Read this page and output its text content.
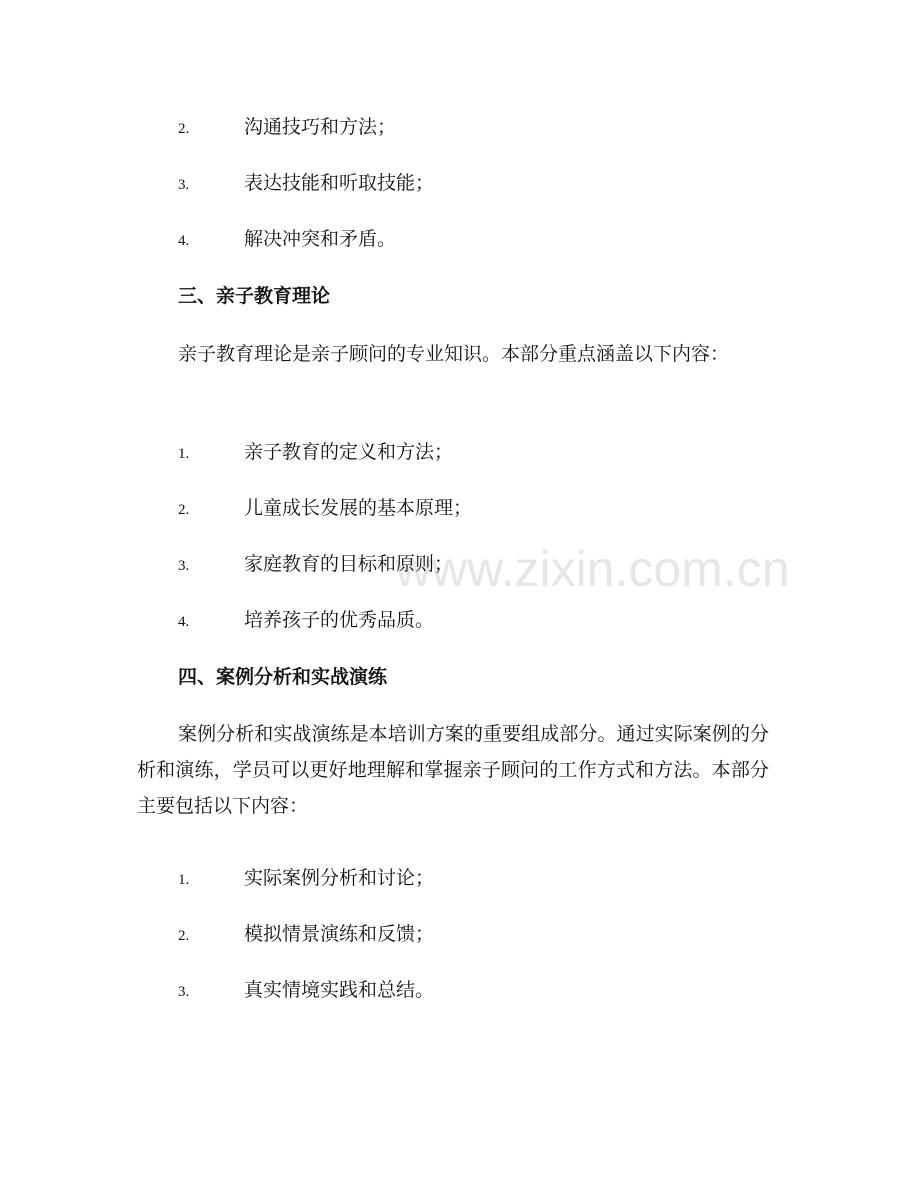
www.zixin.com.cn
2.	沟通技巧和方法；
3.	表达技能和听取技能；
4.	解决冲突和矛盾。
三、亲子教育理论
亲子教育理论是亲子顾问的专业知识。本部分重点涵盖以下内容：
1.	亲子教育的定义和方法；
2.	儿童成长发展的基本原理；
3.	家庭教育的目标和原则；
4.	培养孩子的优秀品质。
四、案例分析和实战演练
案例分析和实战演练是本培训方案的重要组成部分。通过实际案例的分析和演练，学员可以更好地理解和掌握亲子顾问的工作方式和方法。本部分主要包括以下内容：
1.	实际案例分析和讨论；
2.	模拟情景演练和反馈；
3.	真实情境实践和总结。
